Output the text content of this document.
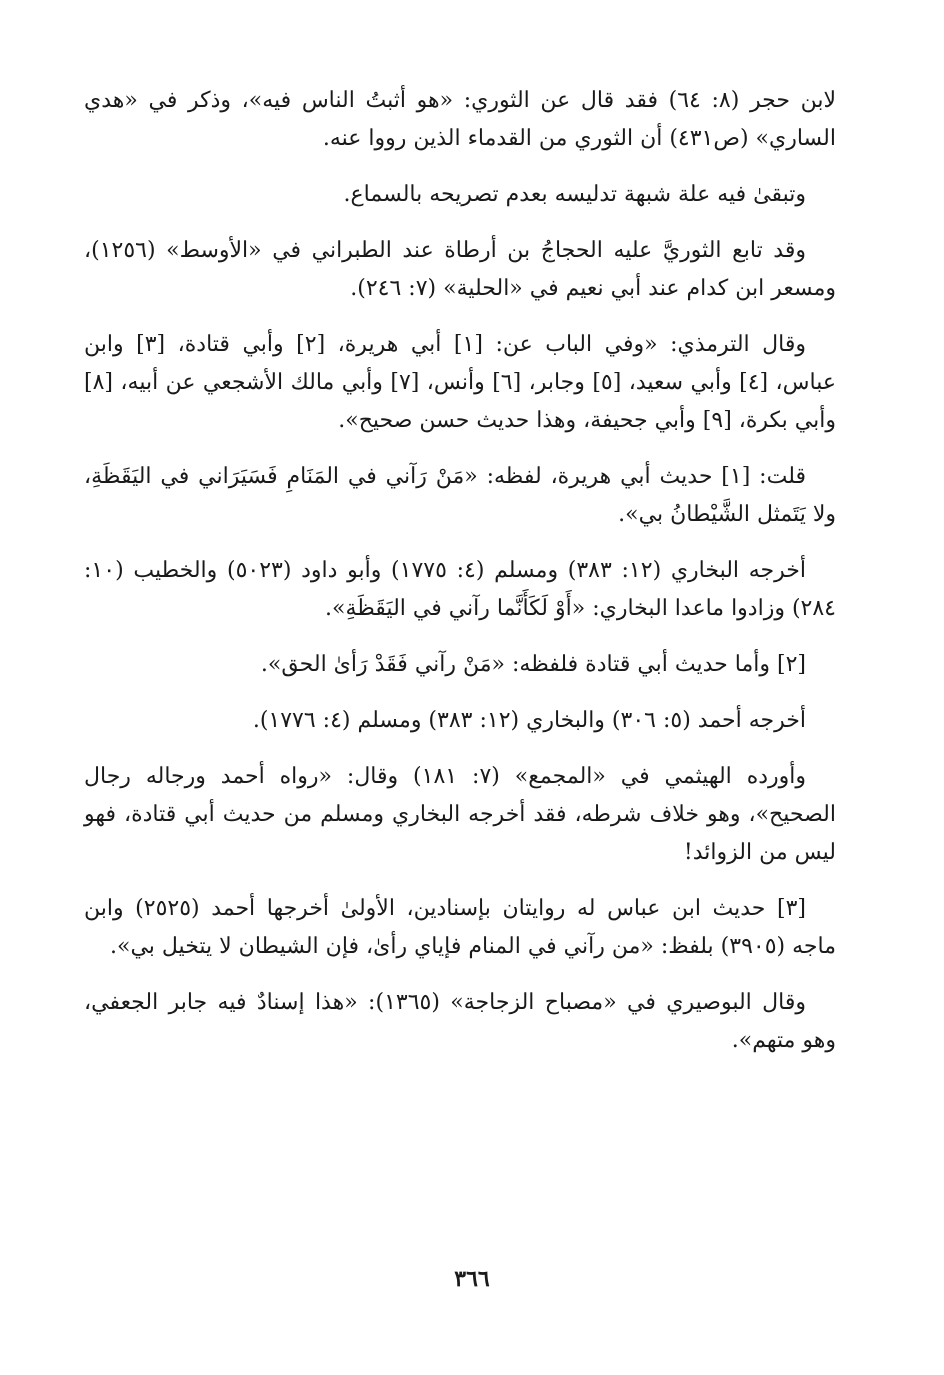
لابن حجر (٨: ٦٤) فقد قال عن الثوري: «هو أثبتُ الناس فيه»، وذكر في «هدي الساري» (ص٤٣١) أن الثوري من القدماء الذين رووا عنه.

وتبقىٰ فيه علة شبهة تدليسه بعدم تصريحه بالسماع.

وقد تابع الثوريَّ عليه الحجاجُ بن أرطاة عند الطبراني في «الأوسط» (١٢٥٦)، ومسعر ابن كدام عند أبي نعيم في «الحلية» (٧: ٢٤٦).

وقال الترمذي: «وفي الباب عن: [١] أبي هريرة، [٢] وأبي قتادة، [٣] وابن عباس، [٤] وأبي سعيد، [٥] وجابر، [٦] وأنس، [٧] وأبي مالك الأشجعي عن أبيه، [٨] وأبي بكرة، [٩] وأبي جحيفة، وهذا حديث حسن صحيح».

قلت: [١] حديث أبي هريرة، لفظه: «مَنْ رَآني في المَنَامِ فَسَيَرَاني في اليَقَظَةِ، ولا يَتَمثل الشَّيْطانُ بي».

أخرجه البخاري (١٢: ٣٨٣) ومسلم (٤: ١٧٧٥) وأبو داود (٥٠٢٣) والخطيب (١٠: ٢٨٤) وزادوا ماعدا البخاري: «أَوْ لَكَأَنَّما رآني في اليَقَظَةِ».

[٢] وأما حديث أبي قتادة فلفظه: «مَنْ رآني فَقَدْ رَأىٰ الحق».

أخرجه أحمد (٥: ٣٠٦) والبخاري (١٢: ٣٨٣) ومسلم (٤: ١٧٧٦).

وأورده الهيثمي في «المجمع» (٧: ١٨١) وقال: «رواه أحمد ورجاله رجال الصحيح»، وهو خلاف شرطه، فقد أخرجه البخاري ومسلم من حديث أبي قتادة، فهو ليس من الزوائد!

[٣] حديث ابن عباس له روايتان بإسنادين، الأولىٰ أخرجها أحمد (٢٥٢٥) وابن ماجه (٣٩٠٥) بلفظ: «من رآني في المنام فإياي رأىٰ، فإن الشيطان لا يتخيل بي».

وقال البوصيري في «مصباح الزجاجة» (١٣٦٥): «هذا إسنادٌ فيه جابر الجعفي، وهو متهم».

٣٦٦
